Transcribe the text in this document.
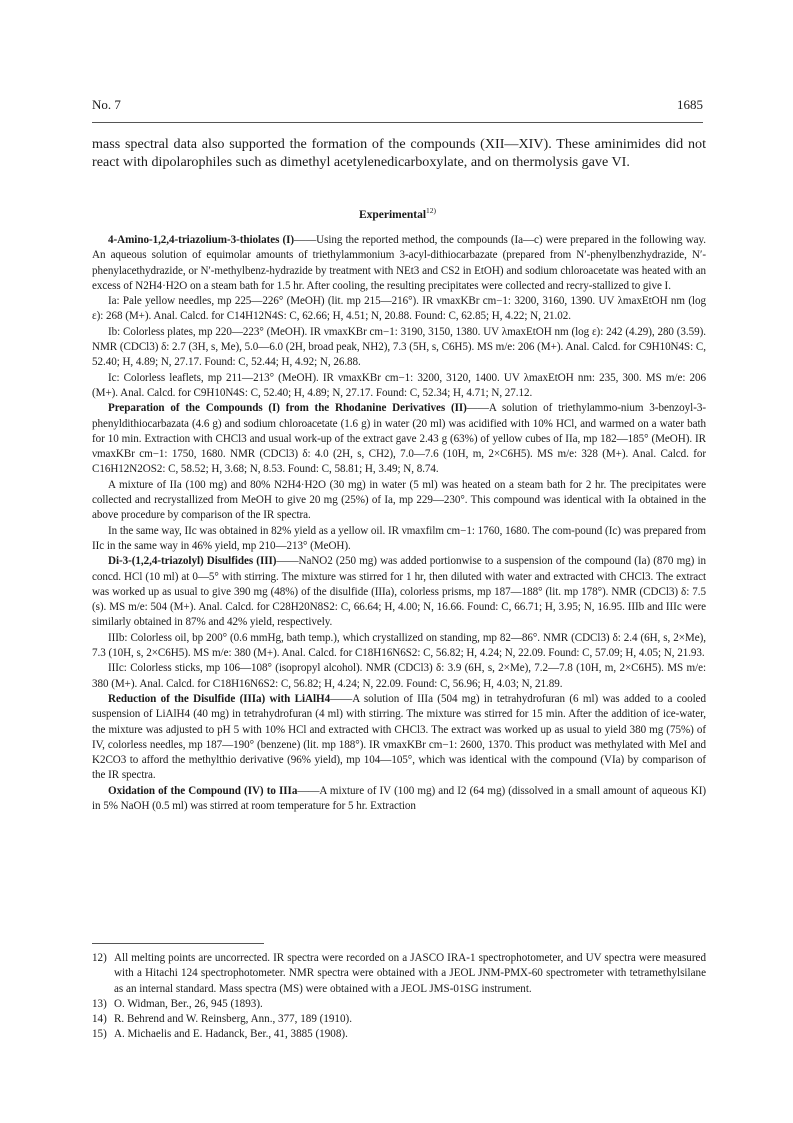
No. 7	1685

mass spectral data also supported the formation of the compounds (XII—XIV). These aminimides did not react with dipolarophiles such as dimethyl acetylenedicarboxylate, and on thermolysis gave VI.

Experimental$^{12)}$

4-Amino-1,2,4-triazolium-3-thiolates (I)——Using the reported method, the compounds (Ia—c) were prepared in the following way. An aqueous solution of equimolar amounts of triethylammonium 3-acyl-dithiocarbazate (prepared from N′-phenylbenzhydrazide, N′-phenylacethydrazide, or N′-methylbenz-hydrazide by treatment with NEt3 and CS2 in EtOH) and sodium chloroacetate was heated with an excess of N2H4·H2O on a steam bath for 1.5 hr. After cooling, the resulting precipitates were collected and recry-stallized to give I.

Ia: Pale yellow needles, mp 225—226° (MeOH) (lit. mp 215—216°). IR νmaxKBr cm−1: 3200, 3160, 1390. UV λmaxEtOH nm (log ε): 268 (M+). Anal. Calcd. for C14H12N4S: C, 62.66; H, 4.51; N, 20.88. Found: C, 62.85; H, 4.22; N, 21.02.

Ib: Colorless plates, mp 220—223° (MeOH). IR νmaxKBr cm−1: 3190, 3150, 1380. UV λmaxEtOH nm (log ε): 242 (4.29), 280 (3.59). NMR (CDCl3) δ: 2.7 (3H, s, Me), 5.0—6.0 (2H, broad peak, NH2), 7.3 (5H, s, C6H5). MS m/e: 206 (M+). Anal. Calcd. for C9H10N4S: C, 52.40; H, 4.89; N, 27.17. Found: C, 52.44; H, 4.92; N, 26.88.

Ic: Colorless leaflets, mp 211—213° (MeOH). IR νmaxKBr cm−1: 3200, 3120, 1400. UV λmaxEtOH nm: 235, 300. MS m/e: 206 (M+). Anal. Calcd. for C9H10N4S: C, 52.40; H, 4.89; N, 27.17. Found: C, 52.34; H, 4.71; N, 27.12.

Preparation of the Compounds (I) from the Rhodanine Derivatives (II)——A solution of triethylammo-nium 3-benzoyl-3-phenyldithiocarbazata (4.6 g) and sodium chloroacetate (1.6 g) in water (20 ml) was acidified with 10% HCl, and warmed on a water bath for 10 min. Extraction with CHCl3 and usual work-up of the extract gave 2.43 g (63%) of yellow cubes of IIa, mp 182—185° (MeOH). IR νmaxKBr cm−1: 1750, 1680. NMR (CDCl3) δ: 4.0 (2H, s, CH2), 7.0—7.6 (10H, m, 2×C6H5). MS m/e: 328 (M+). Anal. Calcd. for C16H12N2OS2: C, 58.52; H, 3.68; N, 8.53. Found: C, 58.81; H, 3.49; N, 8.74.

A mixture of IIa (100 mg) and 80% N2H4·H2O (30 mg) in water (5 ml) was heated on a steam bath for 2 hr. The precipitates were collected and recrystallized from MeOH to give 20 mg (25%) of Ia, mp 229—230°. This compound was identical with Ia obtained in the above procedure by comparison of the IR spectra.

In the same way, IIc was obtained in 82% yield as a yellow oil. IR νmaxfilm cm−1: 1760, 1680. The com-pound (Ic) was prepared from IIc in the same way in 46% yield, mp 210—213° (MeOH).

Di-3-(1,2,4-triazolyl) Disulfides (III)——NaNO2 (250 mg) was added portionwise to a suspension of the compound (Ia) (870 mg) in concd. HCl (10 ml) at 0—5° with stirring. The mixture was stirred for 1 hr, then diluted with water and extracted with CHCl3. The extract was worked up as usual to give 390 mg (48%) of the disulfide (IIIa), colorless prisms, mp 187—188° (lit. mp 178°). NMR (CDCl3) δ: 7.5 (s). MS m/e: 504 (M+). Anal. Calcd. for C28H20N8S2: C, 66.64; H, 4.00; N, 16.66. Found: C, 66.71; H, 3.95; N, 16.95. IIIb and IIIc were similarly obtained in 87% and 42% yield, respectively.

IIIb: Colorless oil, bp 200° (0.6 mmHg, bath temp.), which crystallized on standing, mp 82—86°. NMR (CDCl3) δ: 2.4 (6H, s, 2×Me), 7.3 (10H, s, 2×C6H5). MS m/e: 380 (M+). Anal. Calcd. for C18H16N6S2: C, 56.82; H, 4.24; N, 22.09. Found: C, 57.09; H, 4.05; N, 21.93.

IIIc: Colorless sticks, mp 106—108° (isopropyl alcohol). NMR (CDCl3) δ: 3.9 (6H, s, 2×Me), 7.2—7.8 (10H, m, 2×C6H5). MS m/e: 380 (M+). Anal. Calcd. for C18H16N6S2: C, 56.82; H, 4.24; N, 22.09. Found: C, 56.96; H, 4.03; N, 21.89.

Reduction of the Disulfide (IIIa) with LiAlH4——A solution of IIIa (504 mg) in tetrahydrofuran (6 ml) was added to a cooled suspension of LiAlH4 (40 mg) in tetrahydrofuran (4 ml) with stirring. The mixture was stirred for 15 min. After the addition of ice-water, the mixture was adjusted to pH 5 with 10% HCl and extracted with CHCl3. The extract was worked up as usual to yield 380 mg (75%) of IV, colorless needles, mp 187—190° (benzene) (lit. mp 188°). IR νmaxKBr cm−1: 2600, 1370. This product was methylated with MeI and K2CO3 to afford the methylthio derivative (96% yield), mp 104—105°, which was identical with the compound (VIa) by comparison of the IR spectra.

Oxidation of the Compound (IV) to IIIa——A mixture of IV (100 mg) and I2 (64 mg) (dissolved in a small amount of aqueous KI) in 5% NaOH (0.5 ml) was stirred at room temperature for 5 hr. Extraction

12) All melting points are uncorrected. IR spectra were recorded on a JASCO IRA-1 spectrophotometer, and UV spectra were measured with a Hitachi 124 spectrophotometer. NMR spectra were obtained with a JEOL JNM-PMX-60 spectrometer with tetramethylsilane as an internal standard. Mass spectra (MS) were obtained with a JEOL JMS-01SG instrument.
13) O. Widman, Ber., 26, 945 (1893).
14) R. Behrend and W. Reinsberg, Ann., 377, 189 (1910).
15) A. Michaelis and E. Hadanck, Ber., 41, 3885 (1908).
